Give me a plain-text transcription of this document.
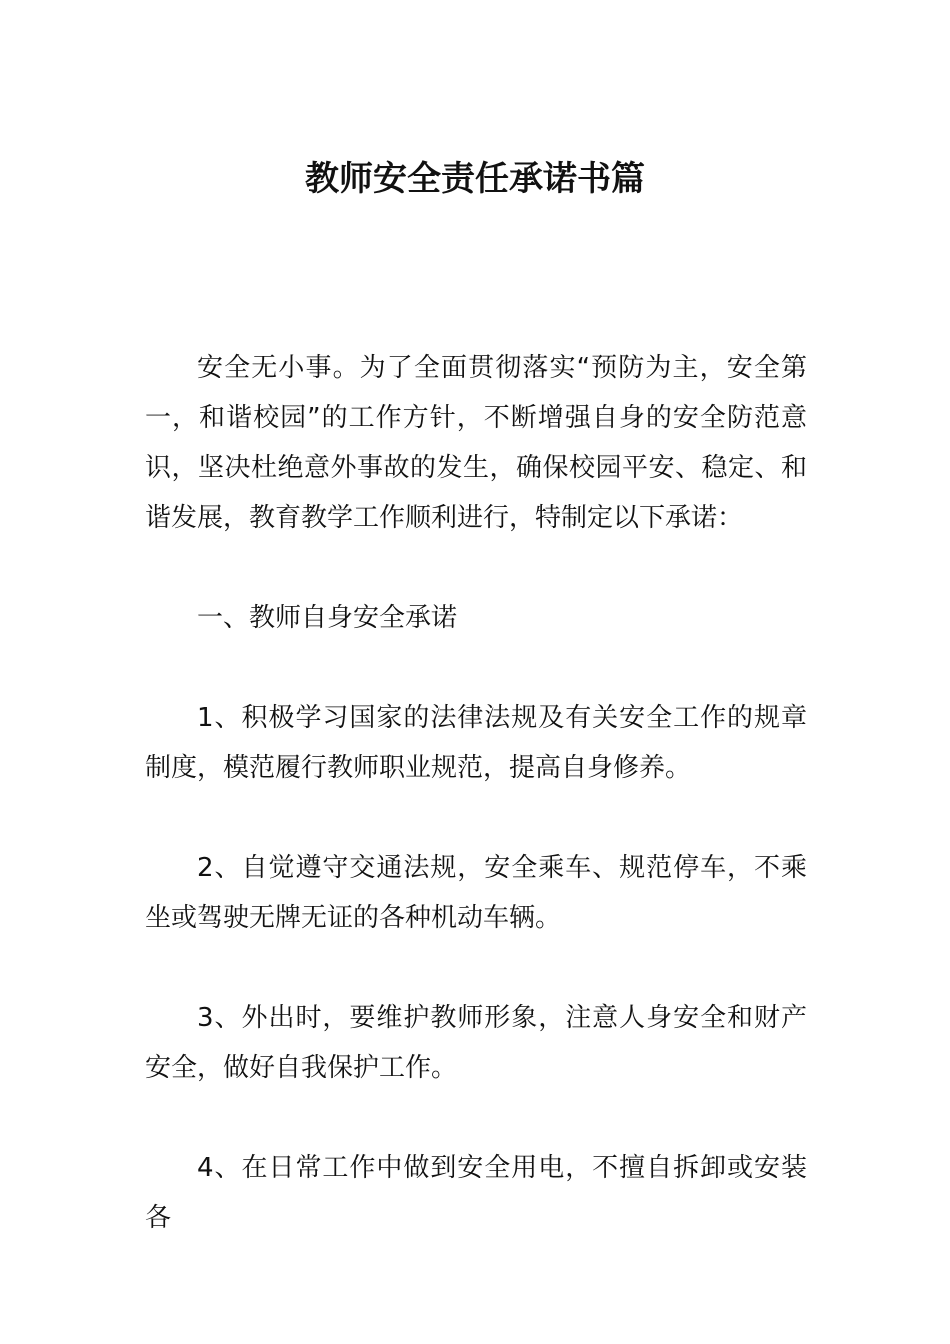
教师安全责任承诺书篇

安全无小事。为了全面贯彻落实“预防为主，安全第一，和谐校园”的工作方针，不断增强自身的安全防范意识，坚决杜绝意外事故的发生，确保校园平安、稳定、和谐发展，教育教学工作顺利进行，特制定以下承诺：

一、教师自身安全承诺

1、积极学习国家的法律法规及有关安全工作的规章制度，模范履行教师职业规范，提高自身修养。

2、自觉遵守交通法规，安全乘车、规范停车，不乘坐或驾驶无牌无证的各种机动车辆。

3、外出时，要维护教师形象，注意人身安全和财产安全，做好自我保护工作。

4、在日常工作中做到安全用电，不擅自拆卸或安装各
